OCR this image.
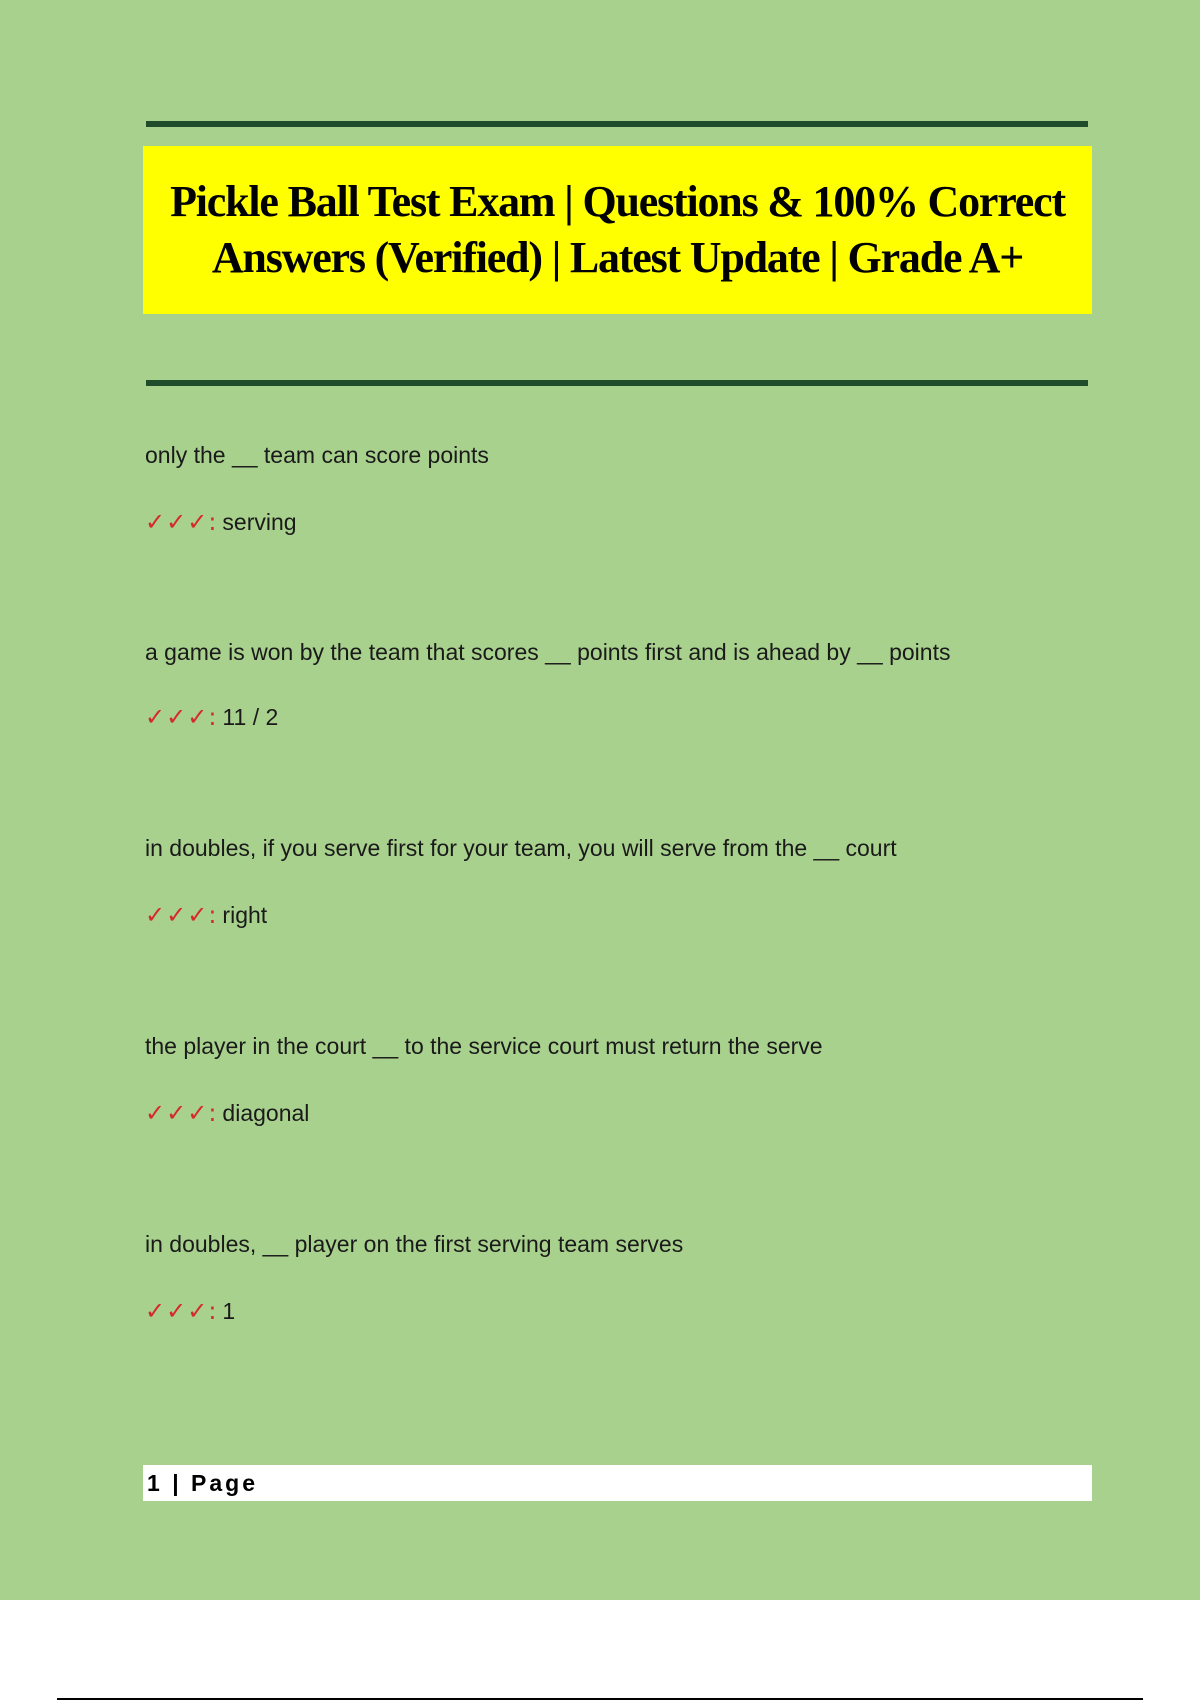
Pickle Ball Test Exam | Questions & 100% Correct Answers (Verified) | Latest Update | Grade A+
only the __ team can score points
✓✓✓: serving
a game is won by the team that scores __ points first and is ahead by __ points
✓✓✓: 11 / 2
in doubles, if you serve first for your team, you will serve from the __ court
✓✓✓: right
the player in the court __ to the service court must return the serve
✓✓✓: diagonal
in doubles, __ player on the first serving team serves
✓✓✓: 1
1 | Page
